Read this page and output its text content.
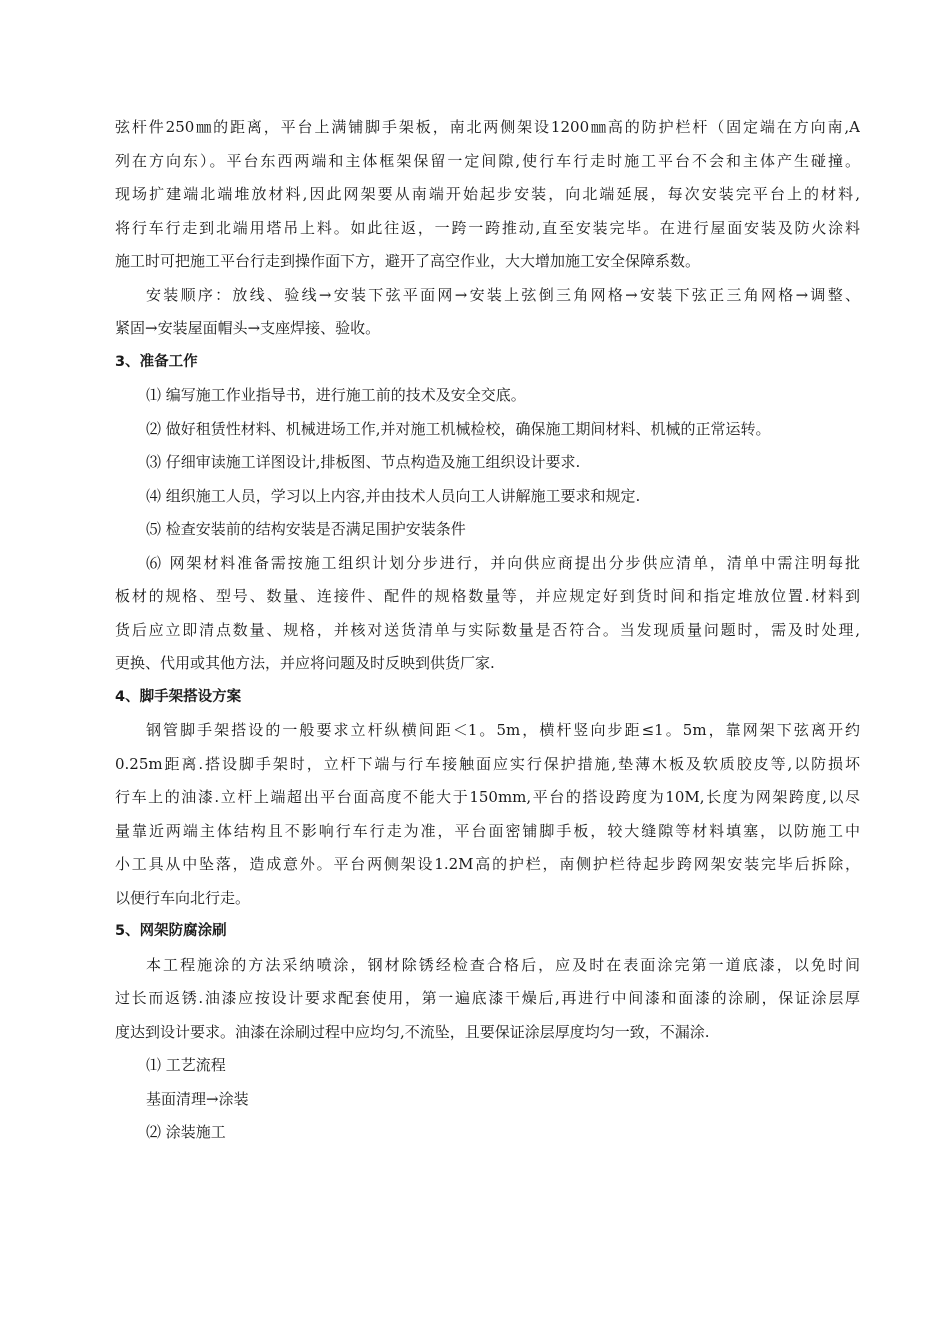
弦杆件250㎜的距离，平台上满铺脚手架板，南北两侧架设1200㎜高的防护栏杆（固定端在方向南,A
列在方向东）。平台东西两端和主体框架保留一定间隙,使行车行走时施工平台不会和主体产生碰撞。
现场扩建端北端堆放材料,因此网架要从南端开始起步安装，向北端延展，每次安装完平台上的材料,
将行车行走到北端用塔吊上料。如此往返，一跨一跨推动,直至安装完毕。在进行屋面安装及防火涂料
施工时可把施工平台行走到操作面下方，避开了高空作业，大大增加施工安全保障系数。
安装顺序：放线、验线→安装下弦平面网→安装上弦倒三角网格→安装下弦正三角网格→调整、
紧固→安装屋面帽头→支座焊接、验收。
3、准备工作
⑴ 编写施工作业指导书，进行施工前的技术及安全交底。
⑵ 做好租赁性材料、机械进场工作,并对施工机械检校，确保施工期间材料、机械的正常运转。
⑶ 仔细审读施工详图设计,排板图、节点构造及施工组织设计要求.
⑷ 组织施工人员，学习以上内容,并由技术人员向工人讲解施工要求和规定.
⑸ 检查安装前的结构安装是否满足围护安装条件
⑹ 网架材料准备需按施工组织计划分步进行，并向供应商提出分步供应清单，清单中需注明每批
板材的规格、型号、数量、连接件、配件的规格数量等，并应规定好到货时间和指定堆放位置.材料到
货后应立即清点数量、规格，并核对送货清单与实际数量是否符合。当发现质量问题时，需及时处理,
更换、代用或其他方法，并应将问题及时反映到供货厂家.
4、脚手架搭设方案
钢管脚手架搭设的一般要求立杆纵横间距＜1。5m，横杆竖向步距≤1。5m，靠网架下弦离开约
0.25m距离.搭设脚手架时，立杆下端与行车接触面应实行保护措施,垫薄木板及软质胶皮等,以防损坏
行车上的油漆.立杆上端超出平台面高度不能大于150mm,平台的搭设跨度为10M,长度为网架跨度,以尽
量靠近两端主体结构且不影响行车行走为准，平台面密铺脚手板，较大缝隙等材料填塞，以防施工中
小工具从中坠落，造成意外。平台两侧架设1.2M高的护栏，南侧护栏待起步跨网架安装完毕后拆除，
以便行车向北行走。
5、网架防腐涂刷
本工程施涂的方法采纳喷涂，钢材除锈经检查合格后，应及时在表面涂完第一道底漆，以免时间
过长而返锈.油漆应按设计要求配套使用，第一遍底漆干燥后,再进行中间漆和面漆的涂刷，保证涂层厚
度达到设计要求。油漆在涂刷过程中应均匀,不流坠，且要保证涂层厚度均匀一致，不漏涂.
⑴ 工艺流程
基面清理→涂装
⑵ 涂装施工
